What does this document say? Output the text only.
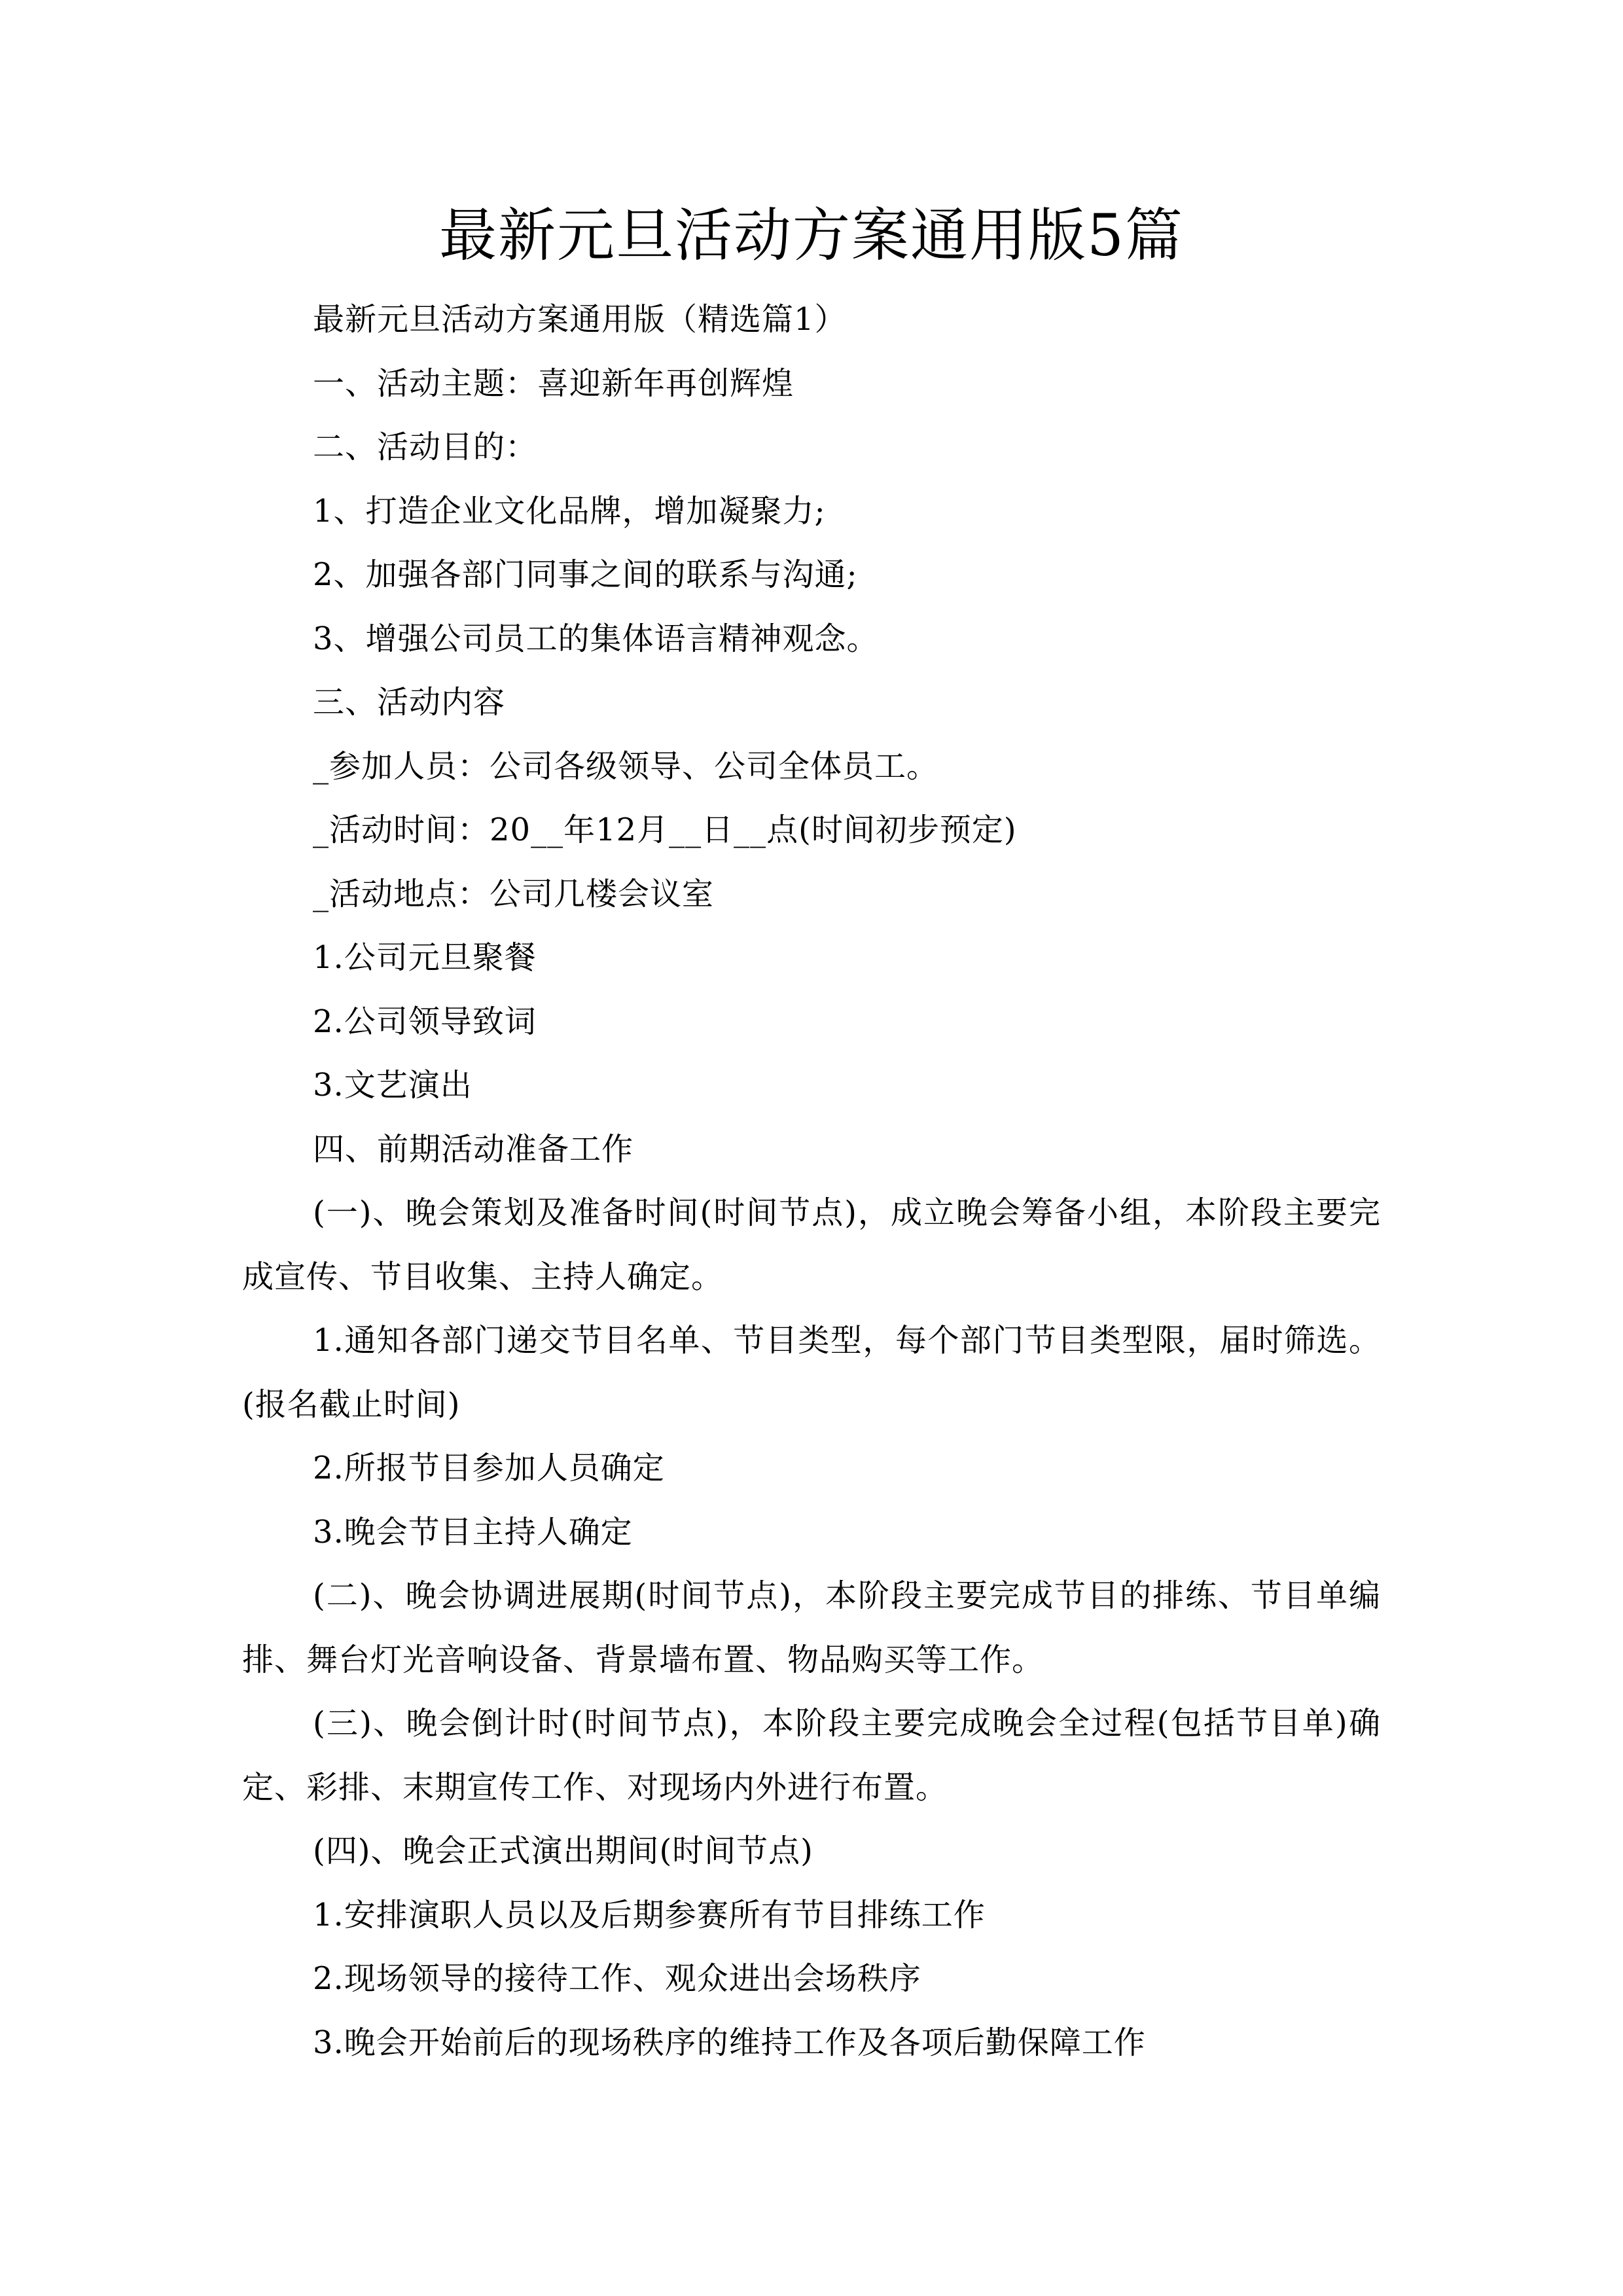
最新元旦活动方案通用版5篇

最新元旦活动方案通用版（精选篇1）

一、活动主题：喜迎新年再创辉煌

二、活动目的：

1、打造企业文化品牌，增加凝聚力;

2、加强各部门同事之间的联系与沟通;

3、增强公司员工的集体语言精神观念。

三、活动内容

_参加人员：公司各级领导、公司全体员工。

_活动时间：20__年12月__日__点(时间初步预定)

_活动地点：公司几楼会议室

1.公司元旦聚餐

2.公司领导致词

3.文艺演出

四、前期活动准备工作

(一)、晚会策划及准备时间(时间节点)，成立晚会筹备小组，本阶段主要完成宣传、节目收集、主持人确定。

1.通知各部门递交节目名单、节目类型，每个部门节目类型限，届时筛选。(报名截止时间)

2.所报节目参加人员确定

3.晚会节目主持人确定

(二)、晚会协调进展期(时间节点)，本阶段主要完成节目的排练、节目单编排、舞台灯光音响设备、背景墙布置、物品购买等工作。

(三)、晚会倒计时(时间节点)，本阶段主要完成晚会全过程(包括节目单)确定、彩排、末期宣传工作、对现场内外进行布置。

(四)、晚会正式演出期间(时间节点)

1.安排演职人员以及后期参赛所有节目排练工作

2.现场领导的接待工作、观众进出会场秩序

3.晚会开始前后的现场秩序的维持工作及各项后勤保障工作
